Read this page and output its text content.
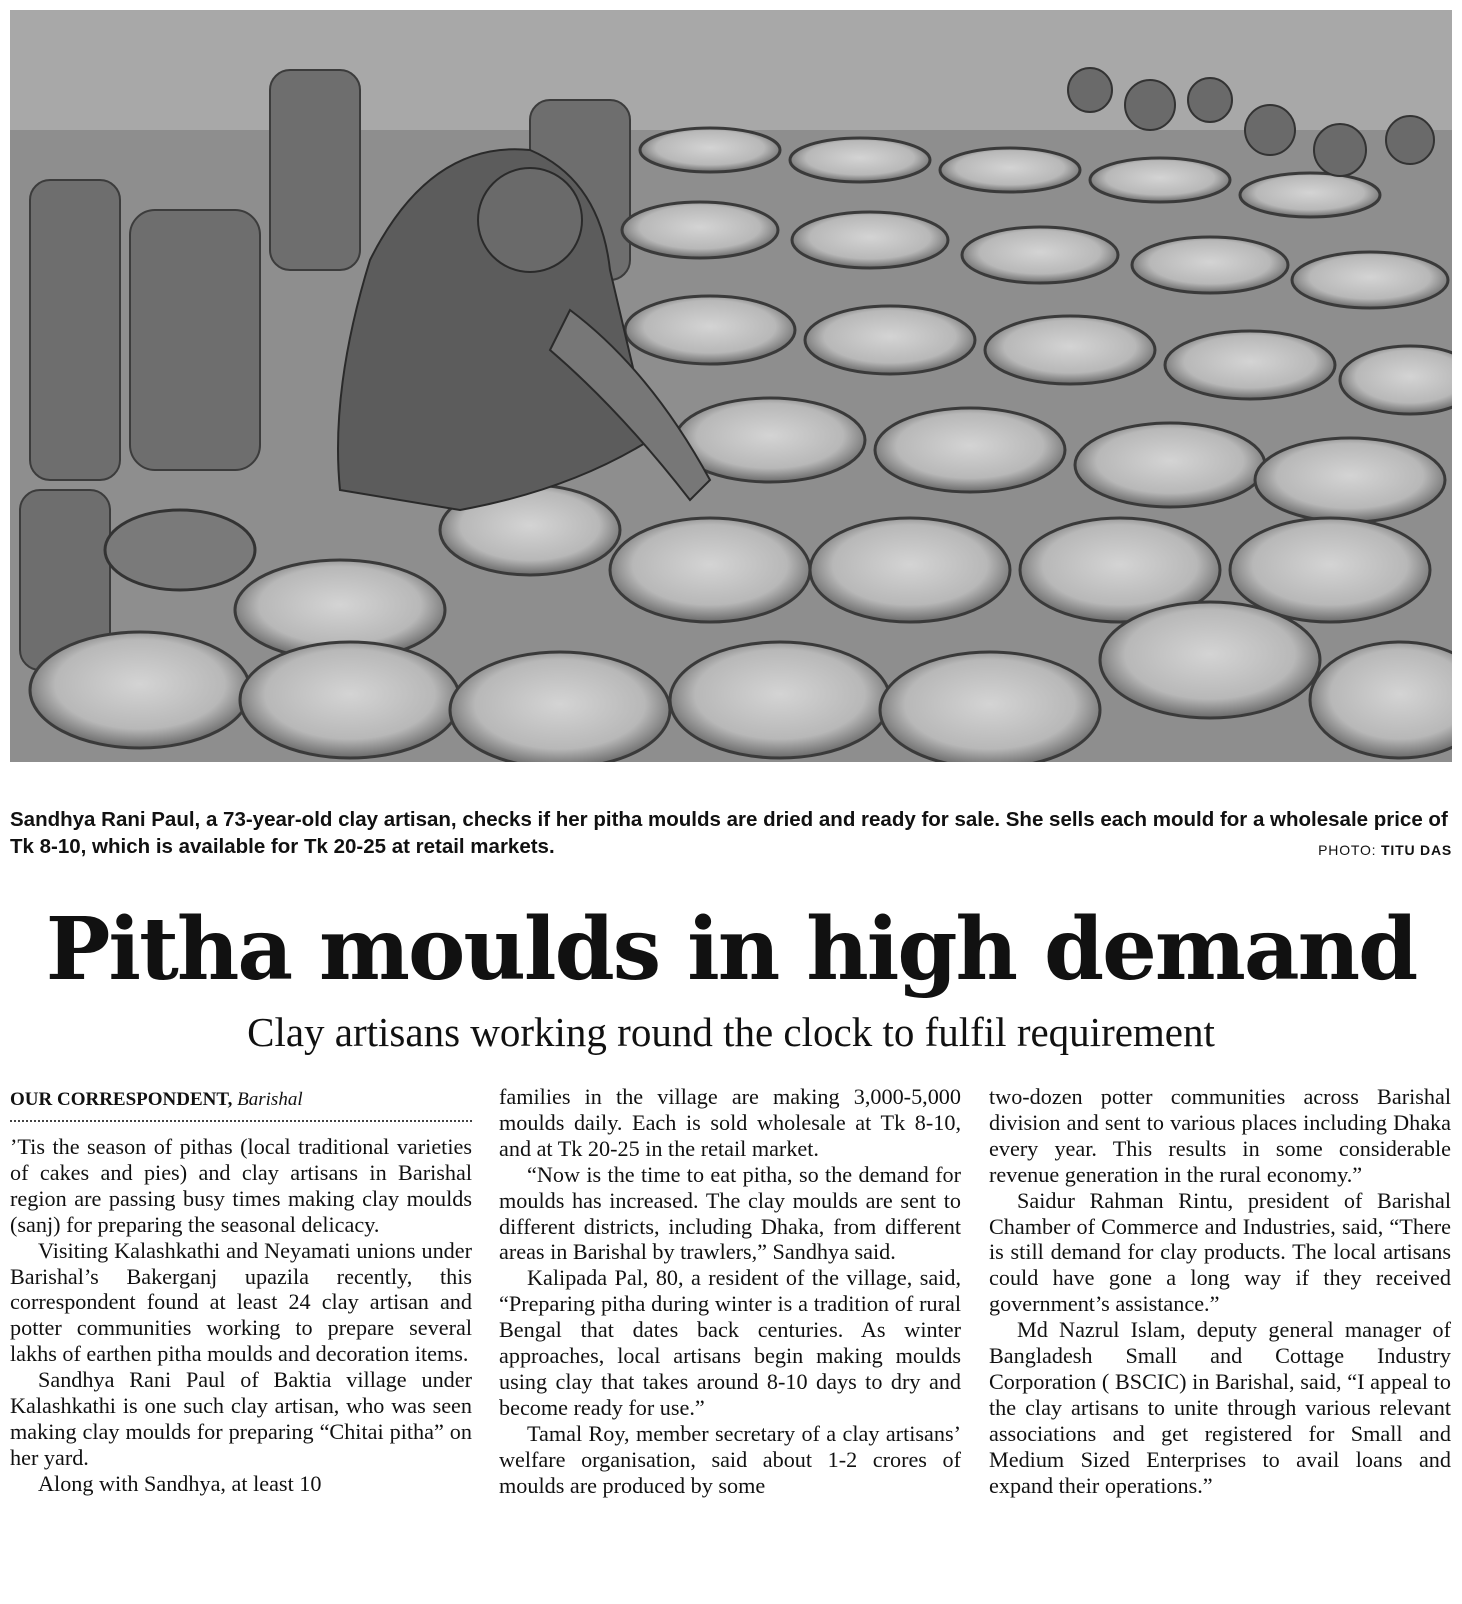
Sandhya Rani Paul, a 73-year-old clay artisan, checks if her pitha moulds are dried and ready for sale. She sells each mould for a wholesale price of Tk 8-10, which is available for Tk 20-25 at retail markets.	PHOTO: TITU DAS
Pitha moulds in high demand
Clay artisans working round the clock to fulfil requirement
OUR CORRESPONDENT, Barishal

’Tis the season of pithas (local traditional varieties of cakes and pies) and clay artisans in Barishal region are passing busy times making clay moulds (sanj) for preparing the seasonal delicacy.

Visiting Kalashkathi and Neyamati unions under Barishal’s Bakerganj upazila recently, this correspondent found at least 24 clay artisan and potter communities working to prepare several lakhs of earthen pitha moulds and decoration items.

Sandhya Rani Paul of Baktia village under Kalashkathi is one such clay artisan, who was seen making clay moulds for preparing “Chitai pitha” on her yard.

Along with Sandhya, at least 10

families in the village are making 3,000-5,000 moulds daily. Each is sold wholesale at Tk 8-10, and at Tk 20-25 in the retail market.

“Now is the time to eat pitha, so the demand for moulds has increased. The clay moulds are sent to different districts, including Dhaka, from different areas in Barishal by trawlers,” Sandhya said.

Kalipada Pal, 80, a resident of the village, said, “Preparing pitha during winter is a tradition of rural Bengal that dates back centuries. As winter approaches, local artisans begin making moulds using clay that takes around 8-10 days to dry and become ready for use.”

Tamal Roy, member secretary of a clay artisans’ welfare organisation, said about 1-2 crores of moulds are produced by some

two-dozen potter communities across Barishal division and sent to various places including Dhaka every year. This results in some considerable revenue generation in the rural economy.”

Saidur Rahman Rintu, president of Barishal Chamber of Commerce and Industries, said, “There is still demand for clay products. The local artisans could have gone a long way if they received government’s assistance.”

Md Nazrul Islam, deputy general manager of Bangladesh Small and Cottage Industry Corporation ( BSCIC) in Barishal, said, “I appeal to the clay artisans to unite through various relevant associations and get registered for Small and Medium Sized Enterprises to avail loans and expand their operations.”
